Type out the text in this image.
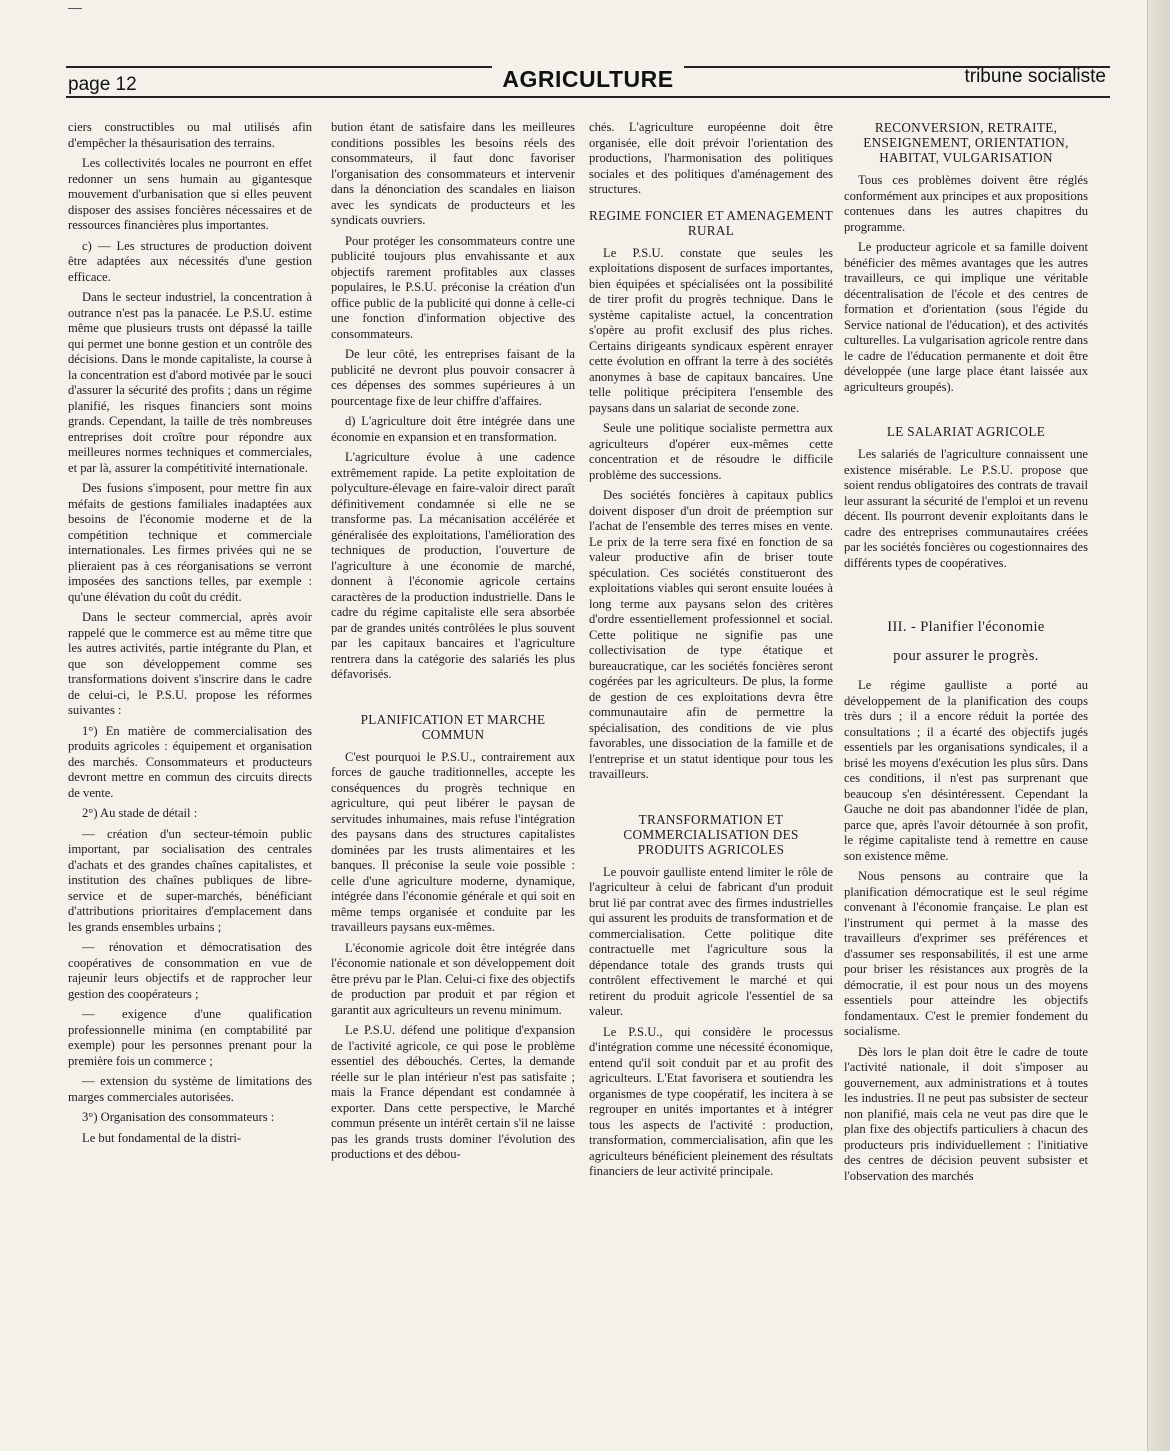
page 12	AGRICULTURE	tribune socialiste

ciers constructibles ou mal utilisés afin d'empêcher la thésaurisation des terrains.

Les collectivités locales ne pourront en effet redonner un sens humain au gigantesque mouvement d'urbanisation que si elles peuvent disposer des assises foncières nécessaires et de ressources financières plus importantes.

c) — Les structures de production doivent être adaptées aux nécessités d'une gestion efficace.

Dans le secteur industriel, la concentration à outrance n'est pas la panacée. Le P.S.U. estime même que plusieurs trusts ont dépassé la taille qui permet une bonne gestion et un contrôle des décisions. Dans le monde capitaliste, la course à la concentration est d'abord motivée par le souci d'assurer la sécurité des profits ; dans un régime planifié, les risques financiers sont moins grands. Cependant, la taille de très nombreuses entreprises doit croître pour répondre aux meilleures normes techniques et commerciales, et par là, assurer la compétitivité internationale.

Des fusions s'imposent, pour mettre fin aux méfaits de gestions familiales inadaptées aux besoins de l'économie moderne et de la compétition technique et commerciale internationales. Les firmes privées qui ne se plieraient pas à ces réorganisations se verront imposées des sanctions telles, par exemple : qu'une élévation du coût du crédit.

Dans le secteur commercial, après avoir rappelé que le commerce est au même titre que les autres activités, partie intégrante du Plan, et que son développement comme ses transformations doivent s'inscrire dans le cadre de celui-ci, le P.S.U. propose les réformes suivantes :

1°) En matière de commercialisation des produits agricoles : équipement et organisation des marchés. Consommateurs et producteurs devront mettre en commun des circuits directs de vente.

2°) Au stade de détail :

— création d'un secteur-témoin public important, par socialisation des centrales d'achats et des grandes chaînes capitalistes, et institution des chaînes publiques de libre-service et de super-marchés, bénéficiant d'attributions prioritaires d'emplacement dans les grands ensembles urbains ;

— rénovation et démocratisation des coopératives de consommation en vue de rajeunir leurs objectifs et de rapprocher leur gestion des coopérateurs ;

— exigence d'une qualification professionnelle minima (en comptabilité par exemple) pour les personnes prenant pour la première fois un commerce ;

— extension du système de limitations des marges commerciales autorisées.

3°) Organisation des consommateurs :

Le but fondamental de la distri-

bution étant de satisfaire dans les meilleures conditions possibles les besoins réels des consommateurs, il faut donc favoriser l'organisation des consommateurs et intervenir dans la dénonciation des scandales en liaison avec les syndicats de producteurs et les syndicats ouvriers.

Pour protéger les consommateurs contre une publicité toujours plus envahissante et aux objectifs rarement profitables aux classes populaires, le P.S.U. préconise la création d'un office public de la publicité qui donne à celle-ci une fonction d'information objective des consommateurs.

De leur côté, les entreprises faisant de la publicité ne devront plus pouvoir consacrer à ces dépenses des sommes supérieures à un pourcentage fixe de leur chiffre d'affaires.

d) L'agriculture doit être intégrée dans une économie en expansion et en transformation.

L'agriculture évolue à une cadence extrêmement rapide. La petite exploitation de polyculture-élevage en faire-valoir direct paraît définitivement condamnée si elle ne se transforme pas. La mécanisation accélérée et généralisée des exploitations, l'amélioration des techniques de production, l'ouverture de l'agriculture à une économie de marché, donnent à l'économie agricole certains caractères de la production industrielle. Dans le cadre du régime capitaliste elle sera absorbée par de grandes unités contrôlées le plus souvent par les capitaux bancaires et l'agriculture rentrera dans la catégorie des salariés les plus défavorisés.

PLANIFICATION ET MARCHE COMMUN

C'est pourquoi le P.S.U., contrairement aux forces de gauche traditionnelles, accepte les conséquences du progrès technique en agriculture, qui peut libérer le paysan de servitudes inhumaines, mais refuse l'intégration des paysans dans des structures capitalistes dominées par les trusts alimentaires et les banques. Il préconise la seule voie possible : celle d'une agriculture moderne, dynamique, intégrée dans l'économie générale et qui soit en même temps organisée et conduite par les travailleurs paysans eux-mêmes.

L'économie agricole doit être intégrée dans l'économie nationale et son développement doit être prévu par le Plan. Celui-ci fixe des objectifs de production par produit et par région et garantit aux agriculteurs un revenu minimum.

Le P.S.U. défend une politique d'expansion de l'activité agricole, ce qui pose le problème essentiel des débouchés. Certes, la demande réelle sur le plan intérieur n'est pas satisfaite ; mais la France dépendant est condamnée à exporter. Dans cette perspective, le Marché commun présente un intérêt certain s'il ne laisse pas les grands trusts dominer l'évolution des productions et des débou-

chés. L'agriculture européenne doit être organisée, elle doit prévoir l'orientation des productions, l'harmonisation des politiques sociales et des politiques d'aménagement des structures.

REGIME FONCIER ET AMENAGEMENT RURAL

Le P.S.U. constate que seules les exploitations disposent de surfaces importantes, bien équipées et spécialisées ont la possibilité de tirer profit du progrès technique. Dans le système capitaliste actuel, la concentration s'opère au profit exclusif des plus riches. Certains dirigeants syndicaux espèrent enrayer cette évolution en offrant la terre à des sociétés anonymes à base de capitaux bancaires. Une telle politique précipitera l'ensemble des paysans dans un salariat de seconde zone.

Seule une politique socialiste permettra aux agriculteurs d'opérer eux-mêmes cette concentration et de résoudre le difficile problème des successions.

Des sociétés foncières à capitaux publics doivent disposer d'un droit de préemption sur l'achat de l'ensemble des terres mises en vente. Le prix de la terre sera fixé en fonction de sa valeur productive afin de briser toute spéculation. Ces sociétés constitueront des exploitations viables qui seront ensuite louées à long terme aux paysans selon des critères d'ordre essentiellement professionnel et social. Cette politique ne signifie pas une collectivisation de type étatique et bureaucratique, car les sociétés foncières seront cogérées par les agriculteurs. De plus, la forme de gestion de ces exploitations devra être communautaire afin de permettre la spécialisation, des conditions de vie plus favorables, une dissociation de la famille et de l'entreprise et un statut identique pour tous les travailleurs.

TRANSFORMATION ET COMMERCIALISATION DES PRODUITS AGRICOLES

Le pouvoir gaulliste entend limiter le rôle de l'agriculteur à celui de fabricant d'un produit brut lié par contrat avec des firmes industrielles qui assurent les produits de transformation et de commercialisation. Cette politique dite contractuelle met l'agriculture sous la dépendance totale des grands trusts qui contrôlent effectivement le marché et qui retirent du produit agricole l'essentiel de sa valeur.

Le P.S.U., qui considère le processus d'intégration comme une nécessité économique, entend qu'il soit conduit par et au profit des agriculteurs. L'Etat favorisera et soutiendra les organismes de type coopératif, les incitera à se regrouper en unités importantes et à intégrer tous les aspects de l'activité : production, transformation, commercialisation, afin que les agriculteurs bénéficient pleinement des résultats financiers de leur activité principale.

RECONVERSION, RETRAITE, ENSEIGNEMENT, ORIENTATION, HABITAT, VULGARISATION

Tous ces problèmes doivent être réglés conformément aux principes et aux propositions contenues dans les autres chapitres du programme.

Le producteur agricole et sa famille doivent bénéficier des mêmes avantages que les autres travailleurs, ce qui implique une véritable décentralisation de l'école et des centres de formation et d'orientation (sous l'égide du Service national de l'éducation), et des activités culturelles. La vulgarisation agricole rentre dans le cadre de l'éducation permanente et doit être développée (une large place étant laissée aux agriculteurs groupés).

LE SALARIAT AGRICOLE

Les salariés de l'agriculture connaissent une existence misérable. Le P.S.U. propose que soient rendus obligatoires des contrats de travail leur assurant la sécurité de l'emploi et un revenu décent. Ils pourront devenir exploitants dans le cadre des entreprises communautaires créées par les sociétés foncières ou cogestionnaires des différents types de coopératives.

III. - Planifier l'économie
pour assurer le progrès.

Le régime gaulliste a porté au développement de la planification des coups très durs ; il a encore réduit la portée des consultations ; il a écarté des objectifs jugés essentiels par les organisations syndicales, il a brisé les moyens d'exécution les plus sûrs. Dans ces conditions, il n'est pas surprenant que beaucoup s'en désintéressent. Cependant la Gauche ne doit pas abandonner l'idée de plan, parce que, après l'avoir détournée à son profit, le régime capitaliste tend à remettre en cause son existence même.

Nous pensons au contraire que la planification démocratique est le seul régime convenant à l'économie française. Le plan est l'instrument qui permet à la masse des travailleurs d'exprimer ses préférences et d'assumer ses responsabilités, il est une arme pour briser les résistances aux progrès de la démocratie, il est pour nous un des moyens essentiels pour atteindre les objectifs fondamentaux. C'est le premier fondement du socialisme.

Dès lors le plan doit être le cadre de toute l'activité nationale, il doit s'imposer au gouvernement, aux administrations et à toutes les industries. Il ne peut pas subsister de secteur non planifié, mais cela ne veut pas dire que le plan fixe des objectifs particuliers à chacun des producteurs pris individuellement : l'initiative des centres de décision peuvent subsister et l'observation des marchés
